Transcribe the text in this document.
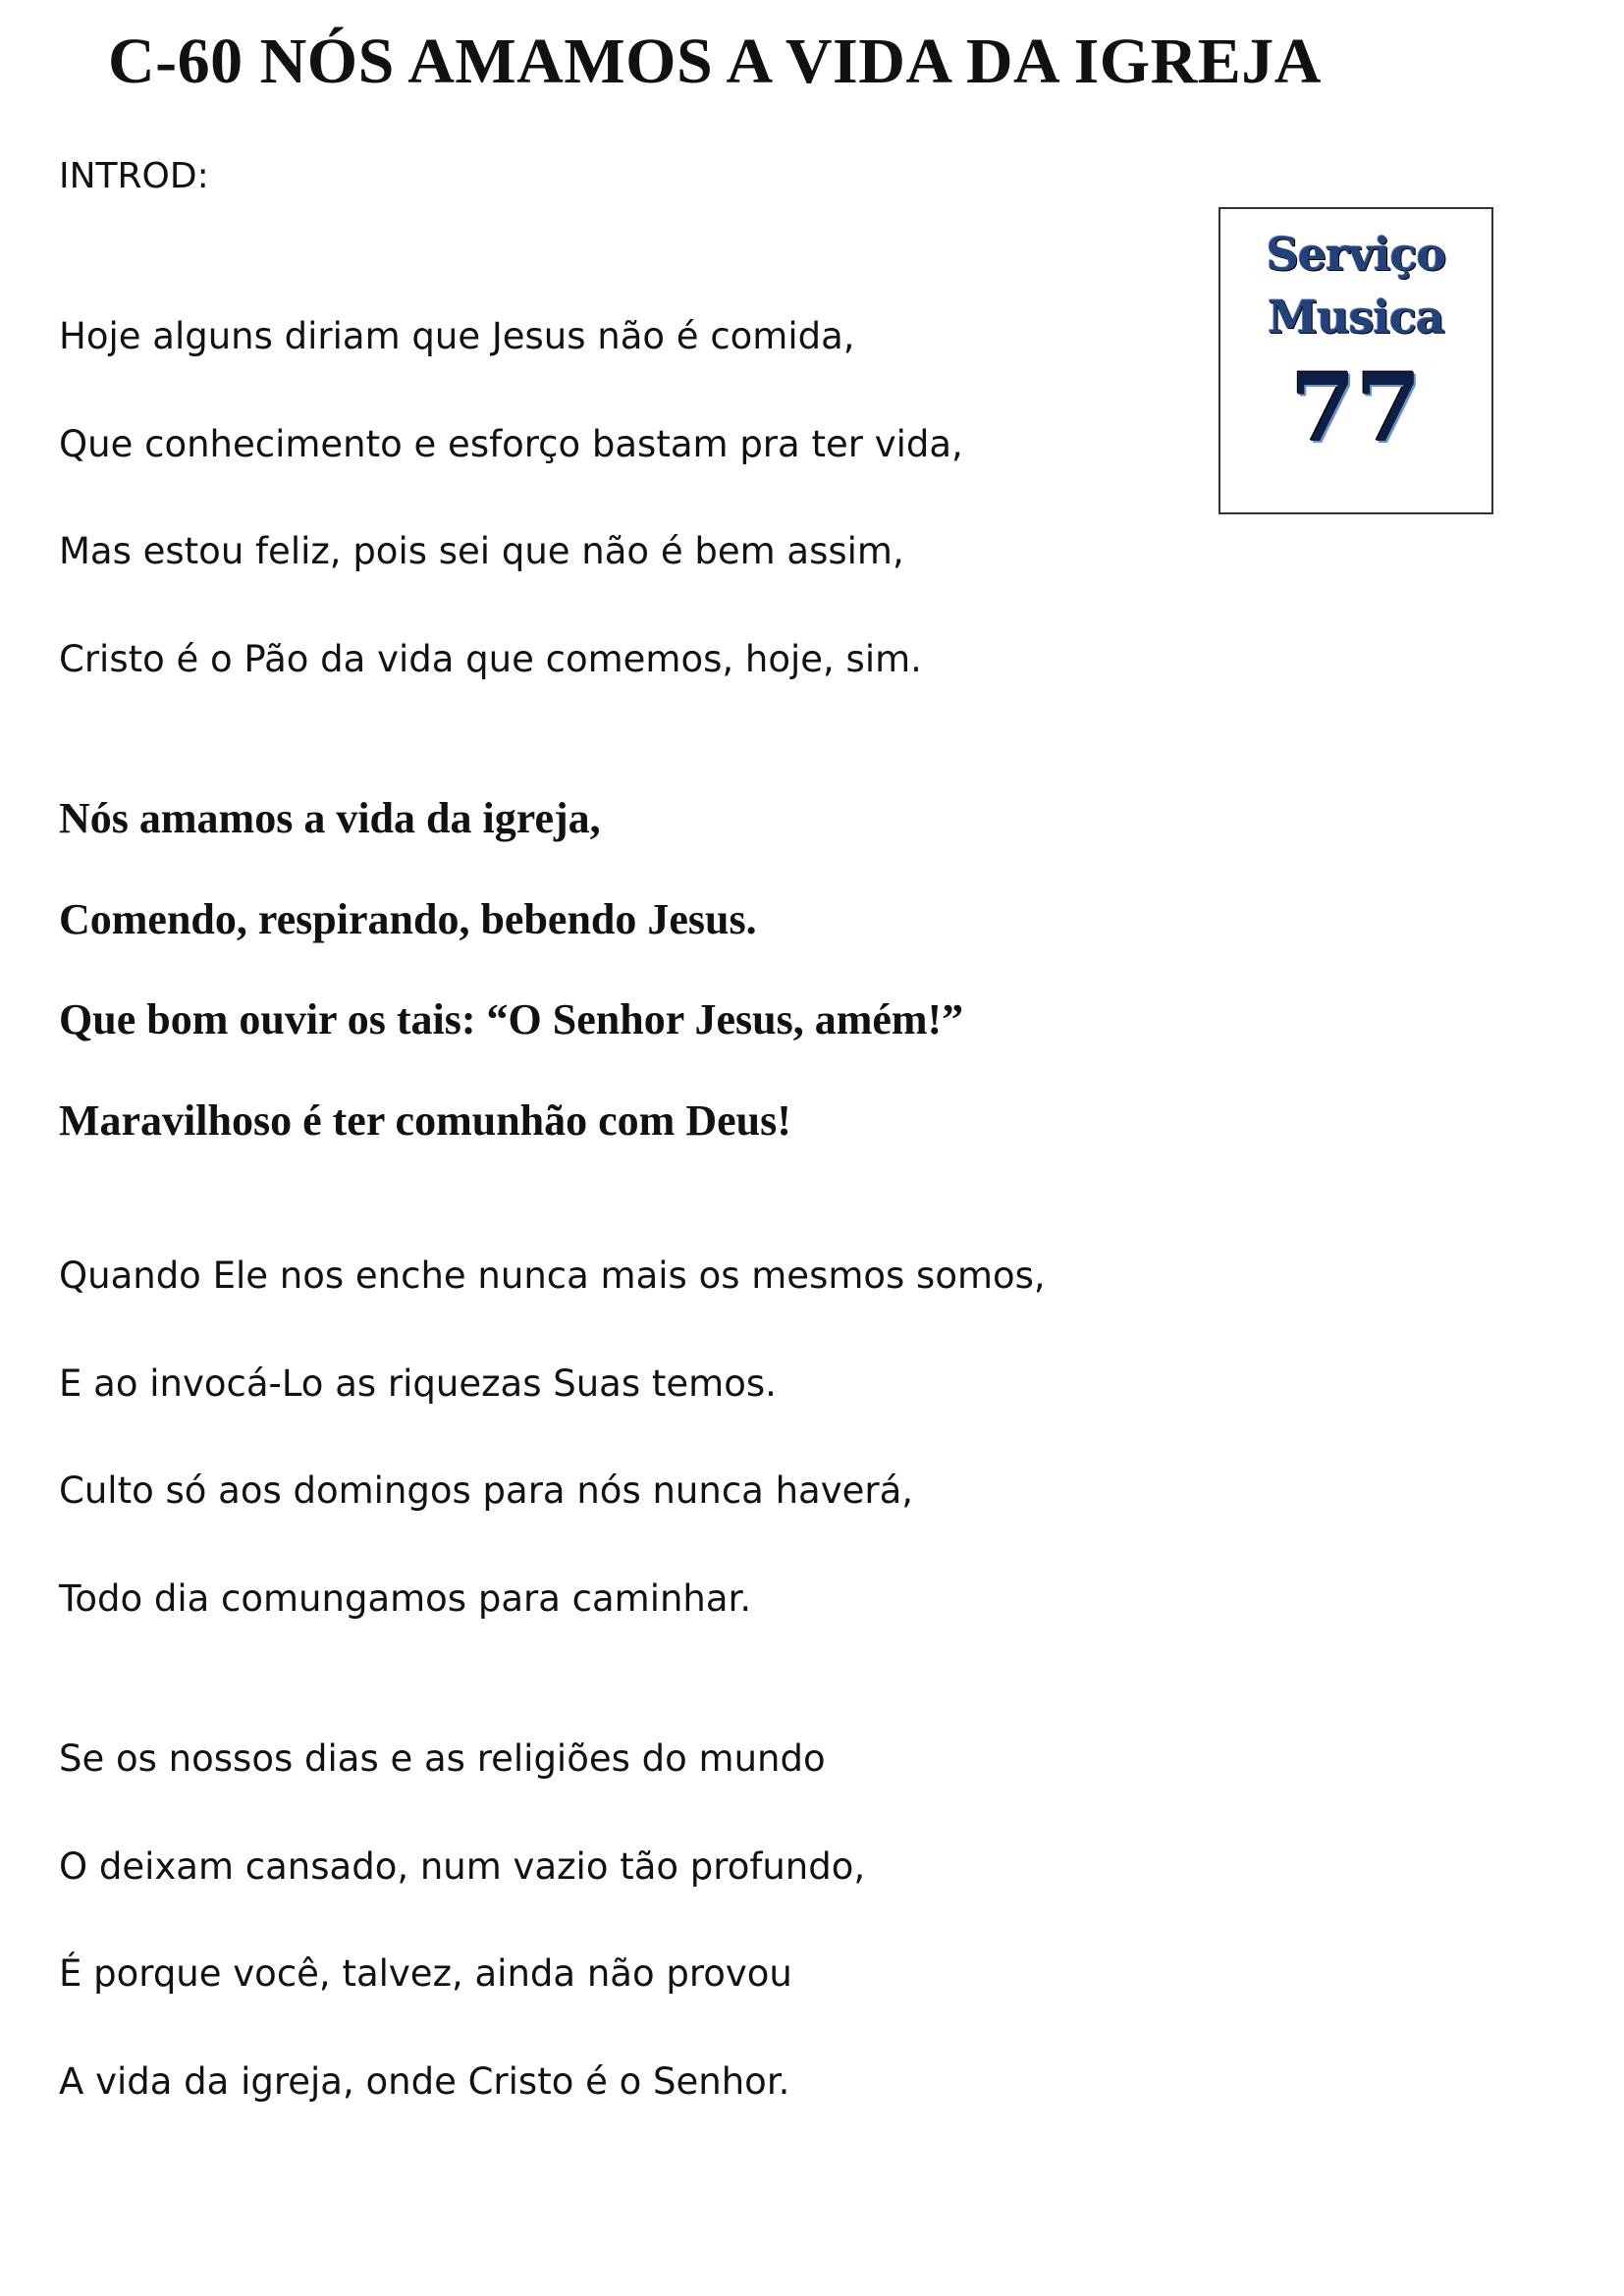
C-60 NÓS AMAMOS A VIDA DA IGREJA
INTROD:
Serviço
Musica
77
Hoje alguns diriam que Jesus não é comida,
Que conhecimento e esforço bastam pra ter vida,
Mas estou feliz, pois sei que não é bem assim,
Cristo é o Pão da vida que comemos, hoje, sim.
Nós amamos a vida da igreja,
Comendo, respirando, bebendo Jesus.
Que bom ouvir os tais: “O Senhor Jesus, amém!”
Maravilhoso é ter comunhão com Deus!
Quando Ele nos enche nunca mais os mesmos somos,
E ao invocá-Lo as riquezas Suas temos.
Culto só aos domingos para nós nunca haverá,
Todo dia comungamos para caminhar.
Se os nossos dias e as religiões do mundo
O deixam cansado, num vazio tão profundo,
É porque você, talvez, ainda não provou
A vida da igreja, onde Cristo é o Senhor.
